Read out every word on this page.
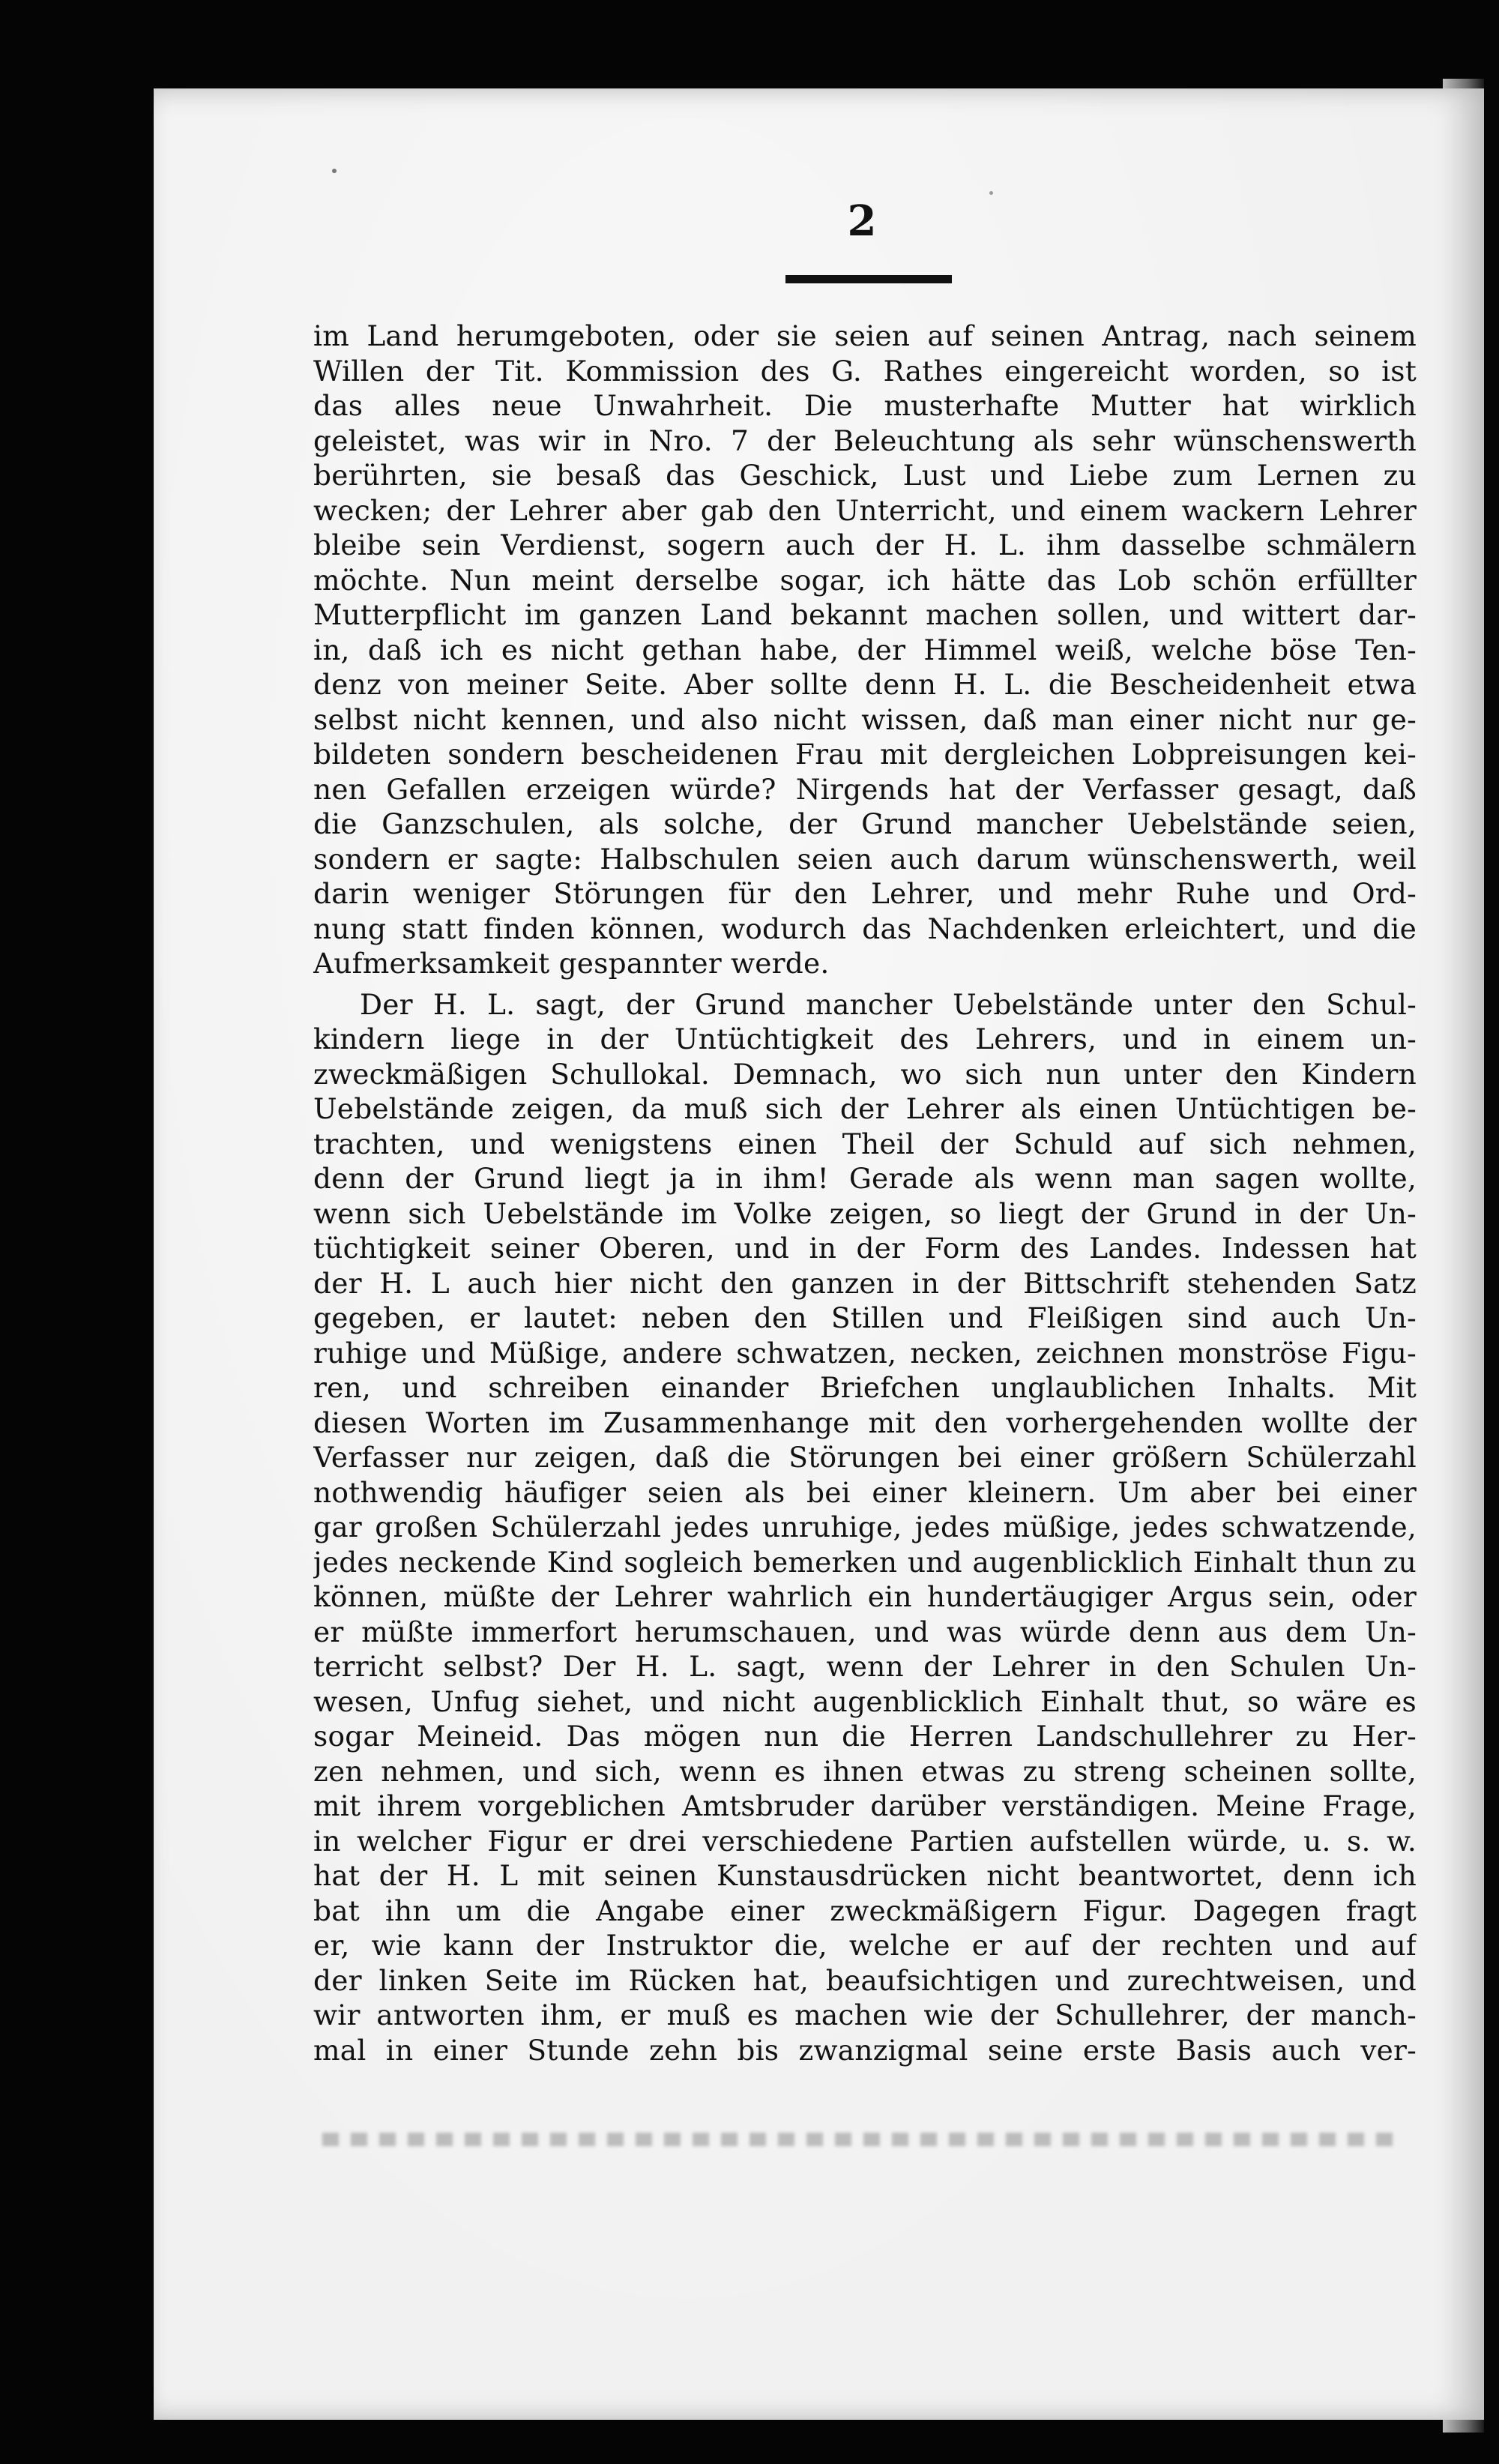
2
im Land herumgeboten, oder sie seien auf seinen Antrag, nach seinem
Willen der Tit. Kommission des G. Rathes eingereicht worden, so ist
das alles neue Unwahrheit. Die musterhafte Mutter hat wirklich
geleistet, was wir in Nro. 7 der Beleuchtung als sehr wünschenswerth
berührten, sie besaß das Geschick, Lust und Liebe zum Lernen zu
wecken; der Lehrer aber gab den Unterricht, und einem wackern Lehrer
bleibe sein Verdienst, sogern auch der H. L. ihm dasselbe schmälern
möchte. Nun meint derselbe sogar, ich hätte das Lob schön erfüllter
Mutterpflicht im ganzen Land bekannt machen sollen, und wittert dar-
in, daß ich es nicht gethan habe, der Himmel weiß, welche böse Ten-
denz von meiner Seite. Aber sollte denn H. L. die Bescheidenheit etwa
selbst nicht kennen, und also nicht wissen, daß man einer nicht nur ge-
bildeten sondern bescheidenen Frau mit dergleichen Lobpreisungen kei-
nen Gefallen erzeigen würde? Nirgends hat der Verfasser gesagt, daß
die Ganzschulen, als solche, der Grund mancher Uebelstände seien,
sondern er sagte: Halbschulen seien auch darum wünschenswerth, weil
darin weniger Störungen für den Lehrer, und mehr Ruhe und Ord-
nung statt finden können, wodurch das Nachdenken erleichtert, und die
Aufmerksamkeit gespannter werde.
Der H. L. sagt, der Grund mancher Uebelstände unter den Schul-
kindern liege in der Untüchtigkeit des Lehrers, und in einem un-
zweckmäßigen Schullokal. Demnach, wo sich nun unter den Kindern
Uebelstände zeigen, da muß sich der Lehrer als einen Untüchtigen be-
trachten, und wenigstens einen Theil der Schuld auf sich nehmen,
denn der Grund liegt ja in ihm! Gerade als wenn man sagen wollte,
wenn sich Uebelstände im Volke zeigen, so liegt der Grund in der Un-
tüchtigkeit seiner Oberen, und in der Form des Landes. Indessen hat
der H. L auch hier nicht den ganzen in der Bittschrift stehenden Satz
gegeben, er lautet: neben den Stillen und Fleißigen sind auch Un-
ruhige und Müßige, andere schwatzen, necken, zeichnen monströse Figu-
ren, und schreiben einander Briefchen unglaublichen Inhalts. Mit
diesen Worten im Zusammenhange mit den vorhergehenden wollte der
Verfasser nur zeigen, daß die Störungen bei einer größern Schülerzahl
nothwendig häufiger seien als bei einer kleinern. Um aber bei einer
gar großen Schülerzahl jedes unruhige, jedes müßige, jedes schwatzende,
jedes neckende Kind sogleich bemerken und augenblicklich Einhalt thun zu
können, müßte der Lehrer wahrlich ein hundertäugiger Argus sein, oder
er müßte immerfort herumschauen, und was würde denn aus dem Un-
terricht selbst? Der H. L. sagt, wenn der Lehrer in den Schulen Un-
wesen, Unfug siehet, und nicht augenblicklich Einhalt thut, so wäre es
sogar Meineid. Das mögen nun die Herren Landschullehrer zu Her-
zen nehmen, und sich, wenn es ihnen etwas zu streng scheinen sollte,
mit ihrem vorgeblichen Amtsbruder darüber verständigen. Meine Frage,
in welcher Figur er drei verschiedene Partien aufstellen würde, u. s. w.
hat der H. L mit seinen Kunstausdrücken nicht beantwortet, denn ich
bat ihn um die Angabe einer zweckmäßigern Figur. Dagegen fragt
er, wie kann der Instruktor die, welche er auf der rechten und auf
der linken Seite im Rücken hat, beaufsichtigen und zurechtweisen, und
wir antworten ihm, er muß es machen wie der Schullehrer, der manch-
mal in einer Stunde zehn bis zwanzigmal seine erste Basis auch ver-
